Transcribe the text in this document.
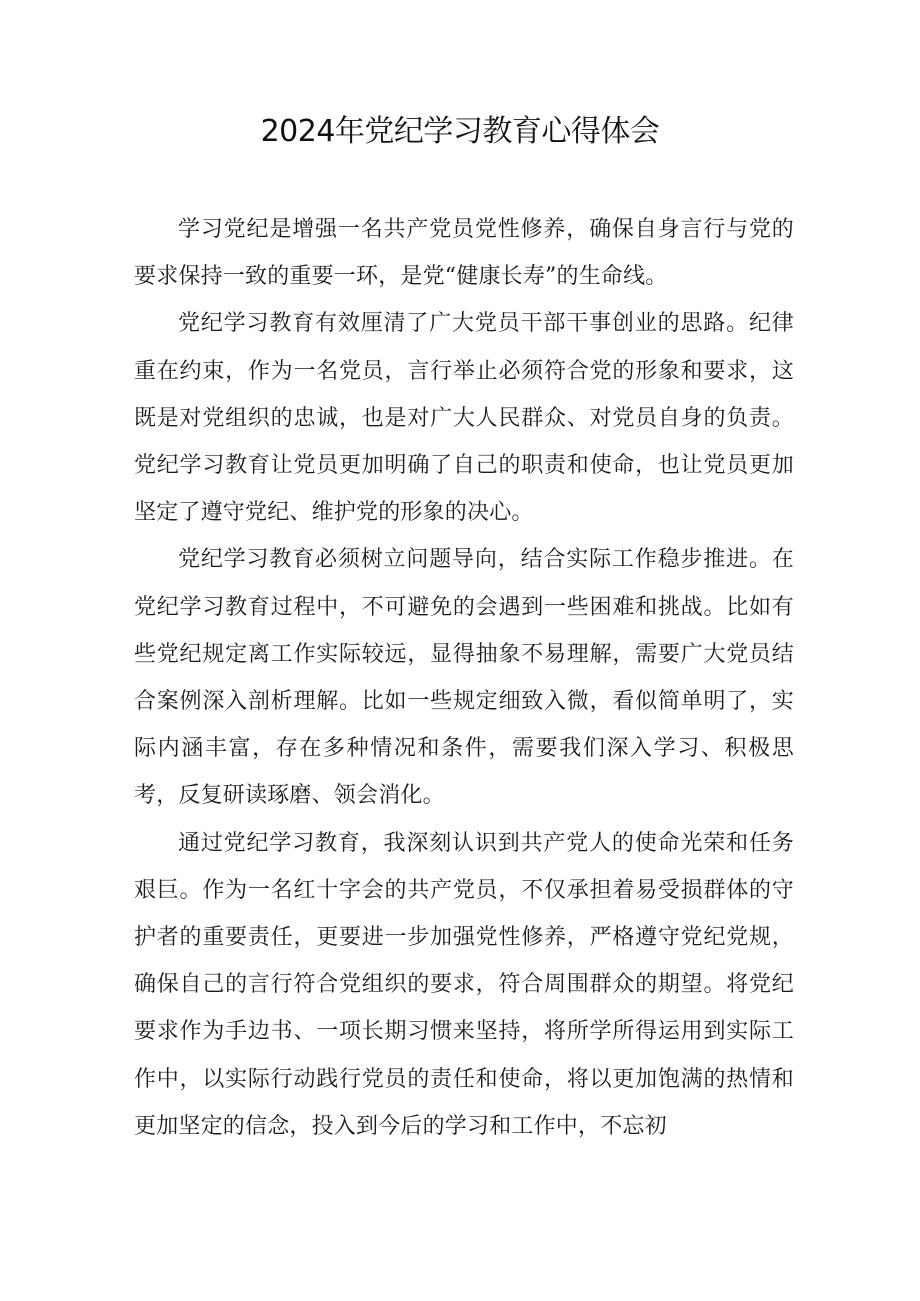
2024年党纪学习教育心得体会

学习党纪是增强一名共产党员党性修养，确保自身言行与党的要求保持一致的重要一环，是党“健康长寿”的生命线。

党纪学习教育有效厘清了广大党员干部干事创业的思路。纪律重在约束，作为一名党员，言行举止必须符合党的形象和要求，这既是对党组织的忠诚，也是对广大人民群众、对党员自身的负责。党纪学习教育让党员更加明确了自己的职责和使命，也让党员更加坚定了遵守党纪、维护党的形象的决心。

党纪学习教育必须树立问题导向，结合实际工作稳步推进。在党纪学习教育过程中，不可避免的会遇到一些困难和挑战。比如有些党纪规定离工作实际较远，显得抽象不易理解，需要广大党员结合案例深入剖析理解。比如一些规定细致入微，看似简单明了，实际内涵丰富，存在多种情况和条件，需要我们深入学习、积极思考，反复研读琢磨、领会消化。

通过党纪学习教育，我深刻认识到共产党人的使命光荣和任务艰巨。作为一名红十字会的共产党员，不仅承担着易受损群体的守护者的重要责任，更要进一步加强党性修养，严格遵守党纪党规，确保自己的言行符合党组织的要求，符合周围群众的期望。将党纪要求作为手边书、一项长期习惯来坚持，将所学所得运用到实际工作中，以实际行动践行党员的责任和使命，将以更加饱满的热情和更加坚定的信念，投入到今后的学习和工作中，不忘初
